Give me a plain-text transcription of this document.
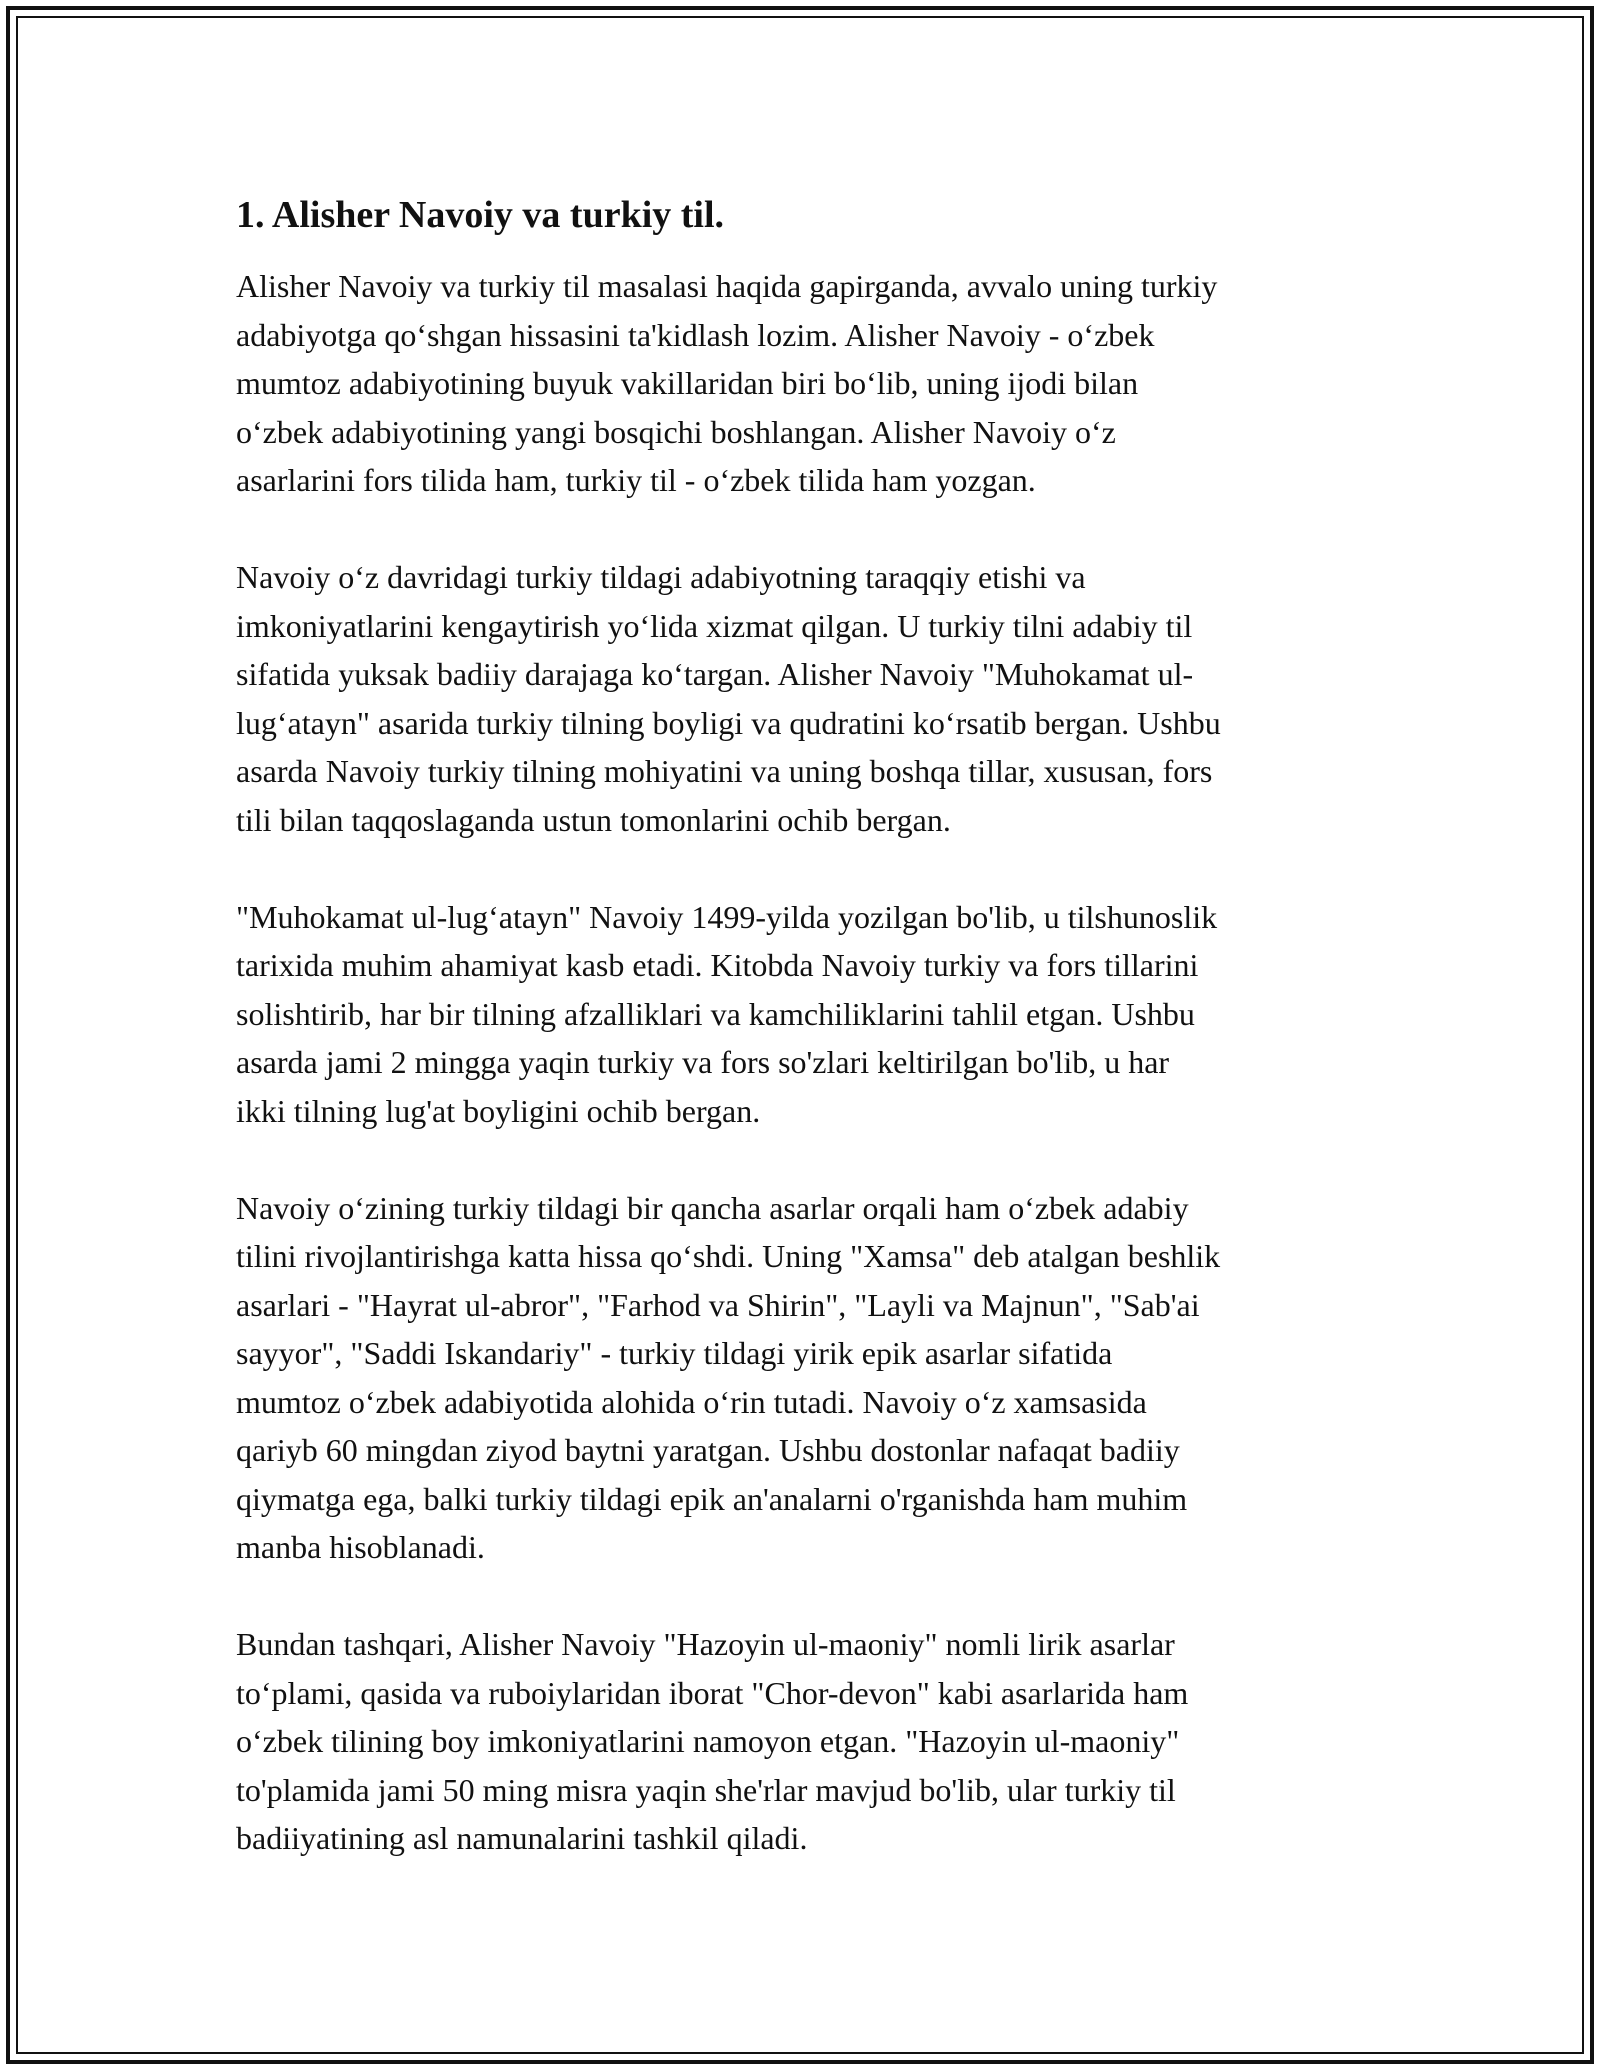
1. Alisher Navoiy va turkiy til.

Alisher Navoiy va turkiy til masalasi haqida gapirganda, avvalo uning turkiy
adabiyotga qo‘shgan hissasini ta'kidlash lozim. Alisher Navoiy - o‘zbek
mumtoz adabiyotining buyuk vakillaridan biri bo‘lib, uning ijodi bilan
o‘zbek adabiyotining yangi bosqichi boshlangan. Alisher Navoiy o‘z
asarlarini fors tilida ham, turkiy til - o‘zbek tilida ham yozgan.

Navoiy o‘z davridagi turkiy tildagi adabiyotning taraqqiy etishi va
imkoniyatlarini kengaytirish yo‘lida xizmat qilgan. U turkiy tilni adabiy til
sifatida yuksak badiiy darajaga ko‘targan. Alisher Navoiy "Muhokamat ul-
lug‘atayn" asarida turkiy tilning boyligi va qudratini ko‘rsatib bergan. Ushbu
asarda Navoiy turkiy tilning mohiyatini va uning boshqa tillar, xususan, fors
tili bilan taqqoslaganda ustun tomonlarini ochib bergan.

"Muhokamat ul-lug‘atayn" Navoiy 1499-yilda yozilgan bo'lib, u tilshunoslik
tarixida muhim ahamiyat kasb etadi. Kitobda Navoiy turkiy va fors tillarini
solishtirib, har bir tilning afzalliklari va kamchiliklarini tahlil etgan. Ushbu
asarda jami 2 mingga yaqin turkiy va fors so'zlari keltirilgan bo'lib, u har
ikki tilning lug'at boyligini ochib bergan.

Navoiy o‘zining turkiy tildagi bir qancha asarlar orqali ham o‘zbek adabiy
tilini rivojlantirishga katta hissa qo‘shdi. Uning "Xamsa" deb atalgan beshlik
asarlari - "Hayrat ul-abror", "Farhod va Shirin", "Layli va Majnun", "Sab'ai
sayyor", "Saddi Iskandariy" - turkiy tildagi yirik epik asarlar sifatida
mumtoz o‘zbek adabiyotida alohida o‘rin tutadi. Navoiy o‘z xamsasida
qariyb 60 mingdan ziyod baytni yaratgan. Ushbu dostonlar nafaqat badiiy
qiymatga ega, balki turkiy tildagi epik an'analarni o'rganishda ham muhim
manba hisoblanadi.

Bundan tashqari, Alisher Navoiy "Hazoyin ul-maoniy" nomli lirik asarlar
to‘plami, qasida va ruboiylaridan iborat "Chor-devon" kabi asarlarida ham
o‘zbek tilining boy imkoniyatlarini namoyon etgan. "Hazoyin ul-maoniy"
to'plamida jami 50 ming misra yaqin she'rlar mavjud bo'lib, ular turkiy til
badiiyatining asl namunalarini tashkil qiladi.
